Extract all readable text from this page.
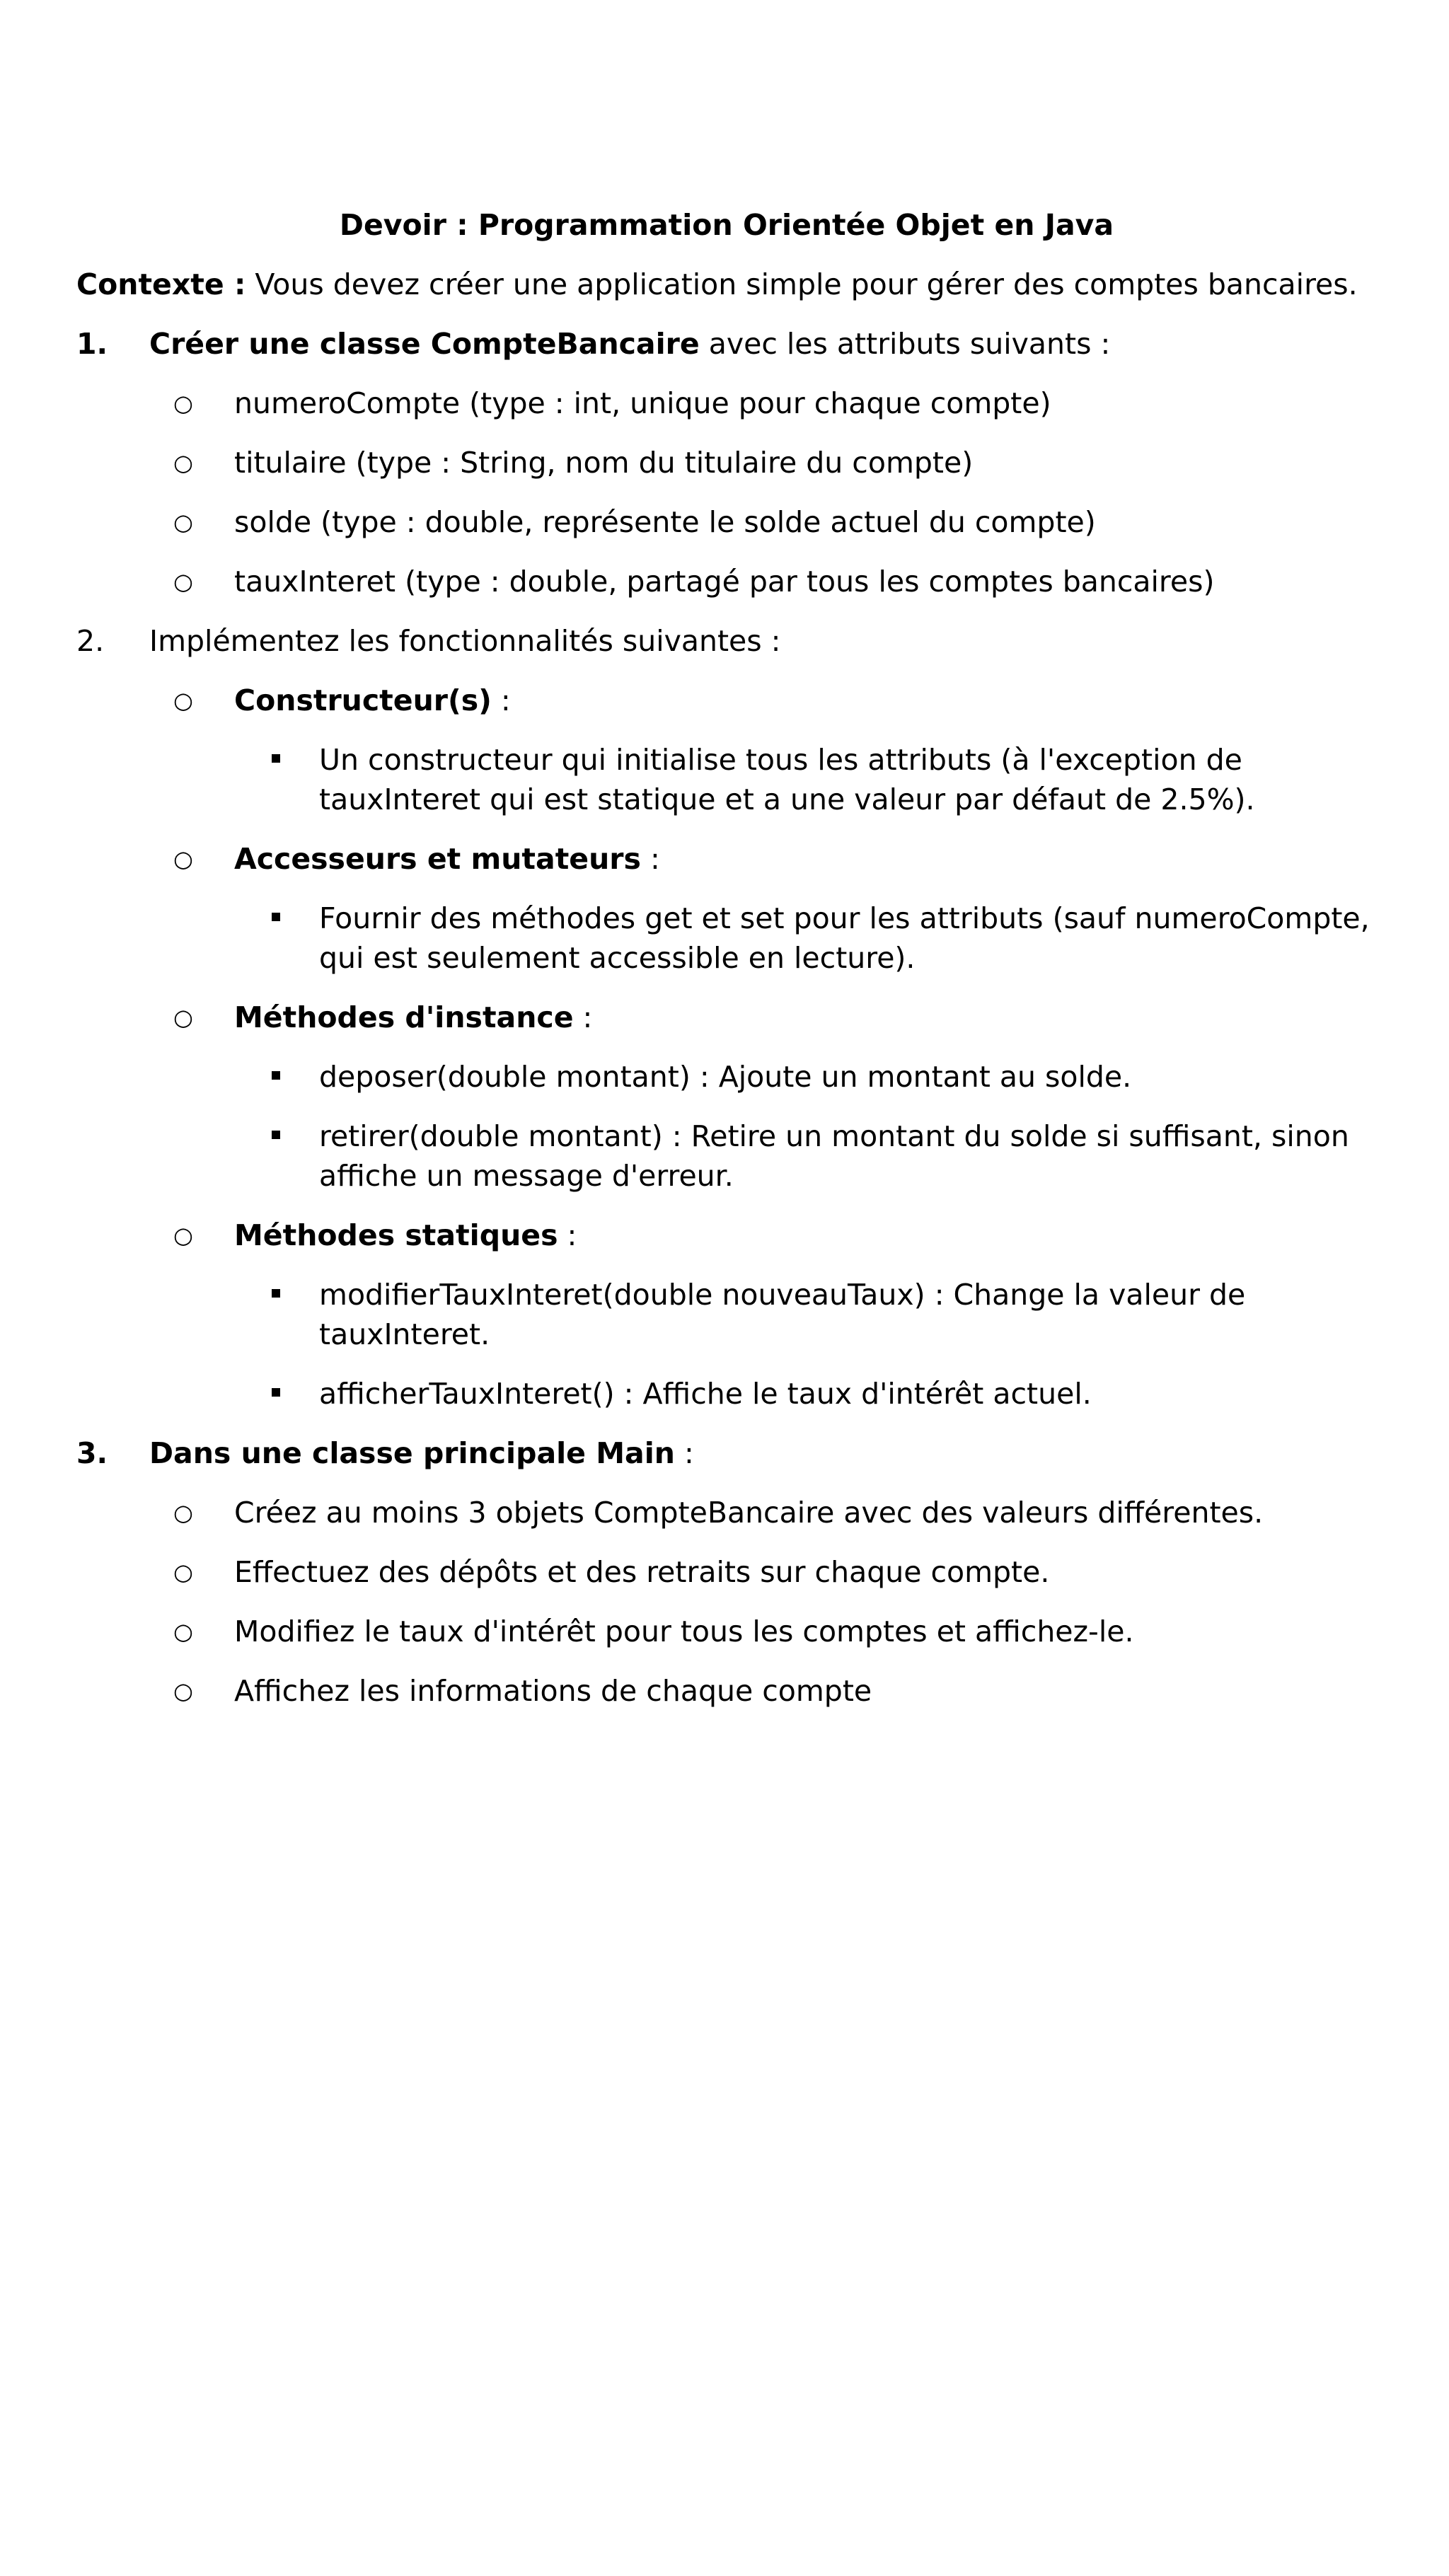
Devoir : Programmation Orientée Objet en Java
Contexte : Vous devez créer une application simple pour gérer des comptes bancaires.
1. Créer une classe CompteBancaire avec les attributs suivants :
○ numeroCompte (type : int, unique pour chaque compte)
○ titulaire (type : String, nom du titulaire du compte)
○ solde (type : double, représente le solde actuel du compte)
○ tauxInteret (type : double, partagé par tous les comptes bancaires)
2. Implémentez les fonctionnalités suivantes :
○ Constructeur(s) :
Un constructeur qui initialise tous les attributs (à l'exception de tauxInteret qui est statique et a une valeur par défaut de 2.5%).
○ Accesseurs et mutateurs :
Fournir des méthodes get et set pour les attributs (sauf numeroCompte, qui est seulement accessible en lecture).
○ Méthodes d'instance :
deposer(double montant) : Ajoute un montant au solde.
retirer(double montant) : Retire un montant du solde si suffisant, sinon affiche un message d'erreur.
○ Méthodes statiques :
modifierTauxInteret(double nouveauTaux) : Change la valeur de tauxInteret.
afficherTauxInteret() : Affiche le taux d'intérêt actuel.
3. Dans une classe principale Main :
○ Créez au moins 3 objets CompteBancaire avec des valeurs différentes.
○ Effectuez des dépôts et des retraits sur chaque compte.
○ Modifiez le taux d'intérêt pour tous les comptes et affichez-le.
○ Affichez les informations de chaque compte
